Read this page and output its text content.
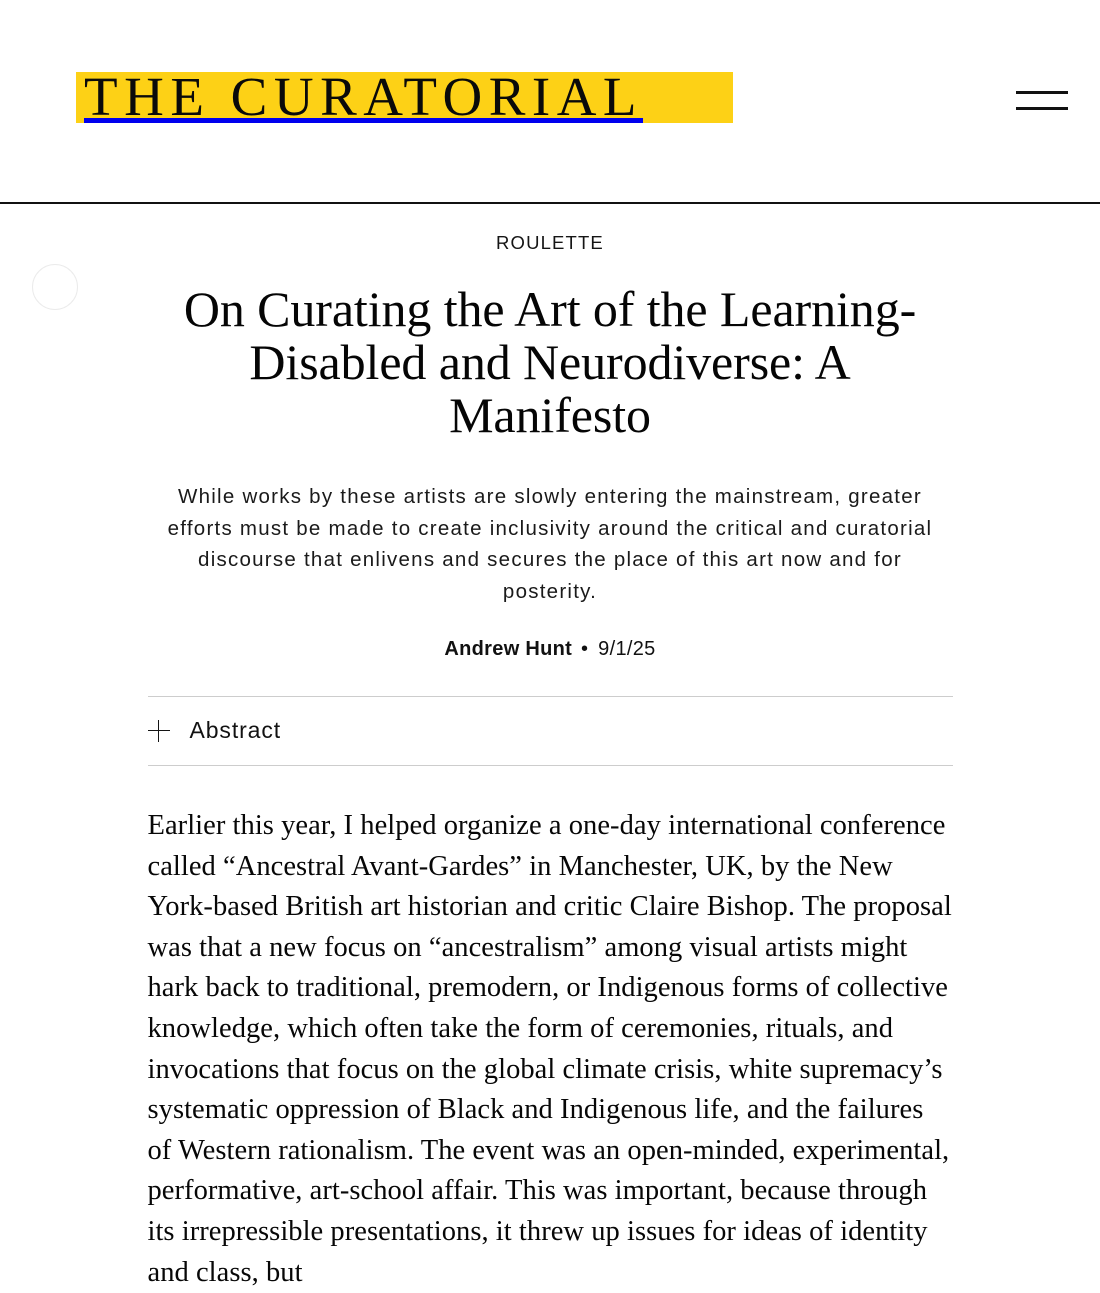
THE CURATORIAL
ROULETTE
On Curating the Art of the Learning-Disabled and Neurodiverse: A Manifesto

While works by these artists are slowly entering the mainstream, greater efforts must be made to create inclusivity around the critical and curatorial discourse that enlivens and secures the place of this art now and for posterity.

Andrew Hunt • 9/1/25
Abstract

Earlier this year, I helped organize a one-day international conference called “Ancestral Avant-Gardes” in Manchester, UK, by the New York-based British art historian and critic Claire Bishop. The proposal was that a new focus on “ancestralism” among visual artists might hark back to traditional, premodern, or Indigenous forms of collective knowledge, which often take the form of ceremonies, rituals, and invocations that focus on the global climate crisis, white supremacy’s systematic oppression of Black and Indigenous life, and the failures of Western rationalism. The event was an open-minded, experimental, performative, art-school affair. This was important, because through its irrepressible presentations, it threw up issues for ideas of identity and class, but
